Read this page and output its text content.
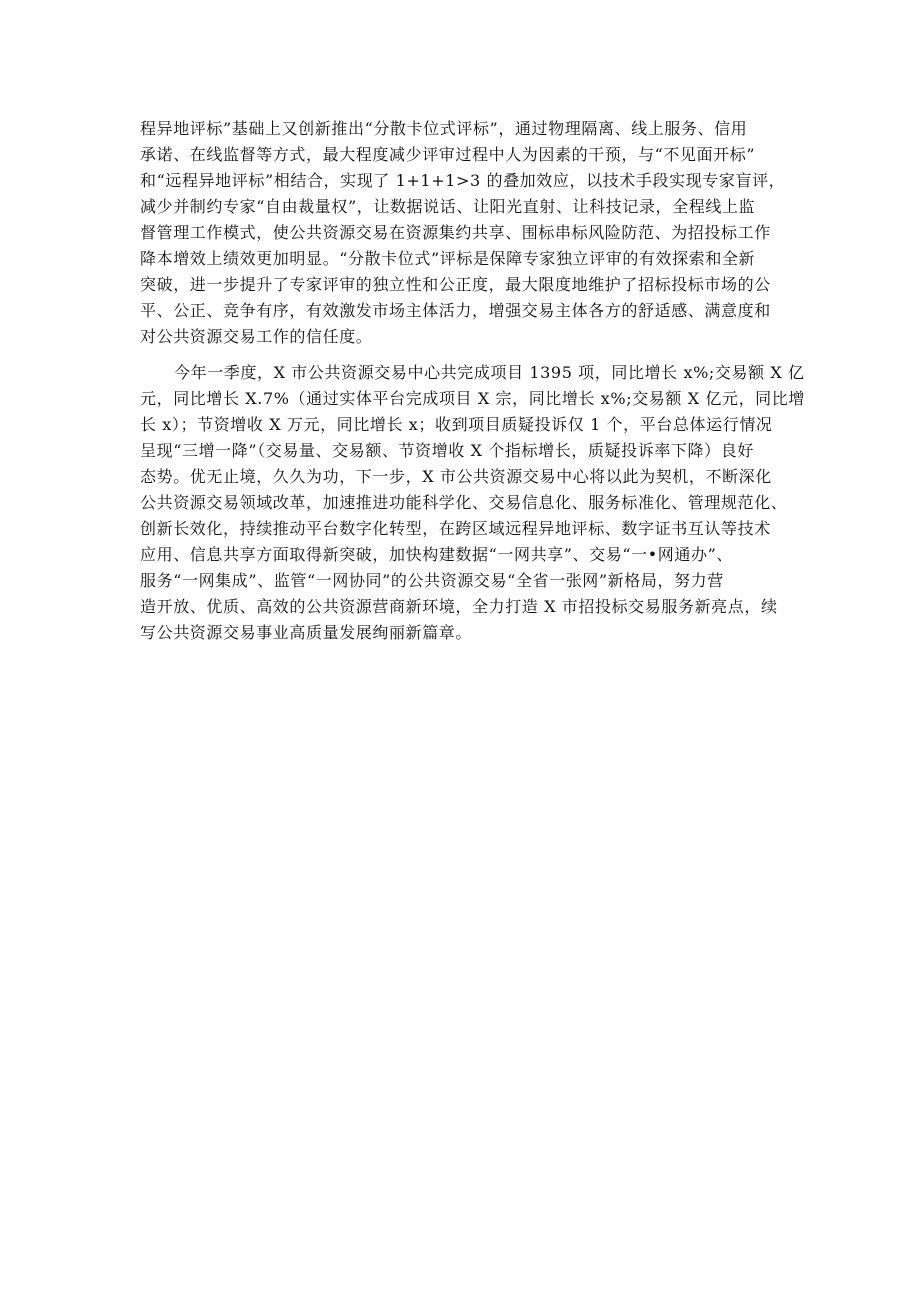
程异地评标”基础上又创新推出“分散卡位式评标”，通过物理隔离、线上服务、信用
承诺、在线监督等方式，最大程度减少评审过程中人为因素的干预，与“不见面开标”
和“远程异地评标”相结合，实现了 1+1+1>3 的叠加效应，以技术手段实现专家盲评，
减少并制约专家“自由裁量权”，让数据说话、让阳光直射、让科技记录，全程线上监
督管理工作模式，使公共资源交易在资源集约共享、围标串标风险防范、为招投标工作
降本增效上绩效更加明显。“分散卡位式”评标是保障专家独立评审的有效探索和全新
突破，进一步提升了专家评审的独立性和公正度，最大限度地维护了招标投标市场的公
平、公正、竞争有序，有效激发市场主体活力，增强交易主体各方的舒适感、满意度和
对公共资源交易工作的信任度。
今年一季度，X 市公共资源交易中心共完成项目 1395 项，同比增长 x%;交易额 X 亿
元，同比增长 X.7%（通过实体平台完成项目 X 宗，同比增长 x%;交易额 X 亿元，同比增
长 x）；节资增收 X 万元，同比增长 x；收到项目质疑投诉仅 1 个，平台总体运行情况
呈现“三增一降”（交易量、交易额、节资增收 X 个指标增长，质疑投诉率下降）良好
态势。优无止境，久久为功，下一步，X 市公共资源交易中心将以此为契机，不断深化
公共资源交易领域改革，加速推进功能科学化、交易信息化、服务标准化、管理规范化、
创新长效化，持续推动平台数字化转型，在跨区域远程异地评标、数字证书互认等技术
应用、信息共享方面取得新突破，加快构建数据“一网共享”、交易“一•网通办”、
服务“一网集成”、监管“一网协同”的公共资源交易“全省一张网”新格局，努力营
造开放、优质、高效的公共资源营商新环境，全力打造 X 市招投标交易服务新亮点，续
写公共资源交易事业高质量发展绚丽新篇章。
